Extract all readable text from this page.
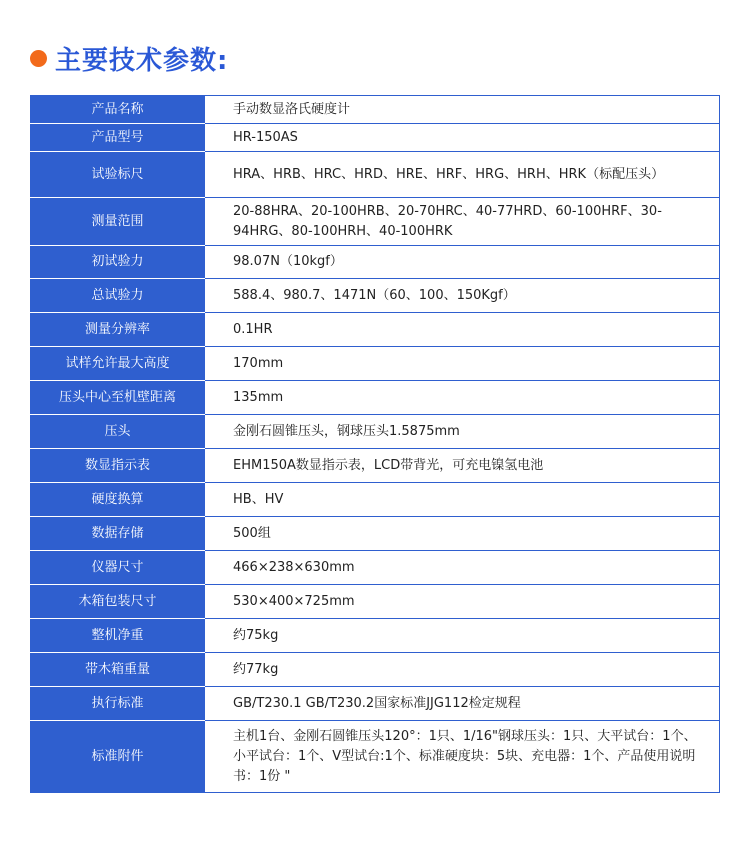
主要技术参数:
产品名称	手动数显洛氏硬度计
产品型号	HR-150AS
试验标尺	HRA、HRB、HRC、HRD、HRE、HRF、HRG、HRH、HRK（标配压头）
测量范围	20-88HRA、20-100HRB、20-70HRC、40-77HRD、60-100HRF、30-94HRG、80-100HRH、40-100HRK
初试验力	98.07N（10kgf）
总试验力	588.4、980.7、1471N（60、100、150Kgf）
测量分辨率	0.1HR
试样允许最大高度	170mm
压头中心至机壁距离	135mm
压头	金刚石圆锥压头，钢球压头1.5875mm
数显指示表	EHM150A数显指示表，LCD带背光，可充电镍氢电池
硬度换算	HB、HV
数据存储	500组
仪器尺寸	466×238×630mm
木箱包装尺寸	530×400×725mm
整机净重	约75kg
带木箱重量	约77kg
执行标准	GB/T230.1 GB/T230.2国家标准JJG112检定规程
标准附件	主机1台、金刚石圆锥压头120°：1只、1/16"钢球压头：1只、大平试台：1个、小平试台：1个、V型试台:1个、标准硬度块：5块、充电器：1个、产品使用说明书：1份 "
